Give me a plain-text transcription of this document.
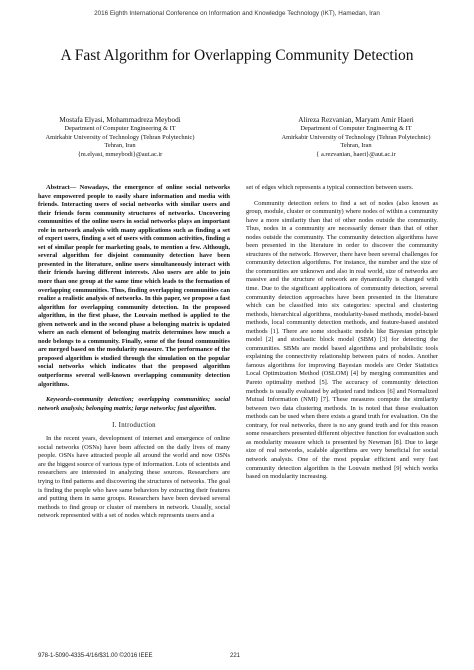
2016 Eighth International Conference on Information and Knowledge Technology (IKT), Hamedan, Iran
A Fast Algorithm for Overlapping Community Detection
Mostafa Elyasi, Mohammadreza Meybodi
Department of Computer Engineering & IT
Amirkabir University of Technology (Tehran Polytechnic)
Tehran, Iran
{m.elyasi, mmeybodi}@aut.ac.ir
Alireza Rezvanian, Maryam Amir Haeri
Department of Computer Engineering & IT
Amirkabir University of Technology (Tehran Polytechnic)
Tehran, Iran
{ a.rezvanian, haeri}@aut.ac.ir

Abstract— Nowadays, the emergence of online social networks have empowered people to easily share information and media with friends. Interacting users of social networks with similar users and their friends form community structures of networks. Uncovering communities of the online users in social networks plays an important role in network analysis with many applications such as finding a set of expert users, finding a set of users with common activities, finding a set of similar people for marketing goals, to mention a few. Although, several algorithm for disjoint community detection have been presented in the literature, online users simultaneously interact with their friends having different interests. Also users are able to join more than one group at the same time which leads to the formation of overlapping communities. Thus, finding overlapping communities can realize a realistic analysis of networks. In this paper, we propose a fast algorithm for overlapping community detection. In the proposed algorithm, in the first phase, the Louvain method is applied to the given network and in the second phase a belonging matrix is updated where an each element of belonging matrix determines how much a node belongs to a community. Finally, some of the found communities are merged based on the modularity measure. The performance of the proposed algorithm is studied through the simulation on the popular social networks which indicates that the proposed algorithm outperforms several well-known overlapping community detection algorithms.

Keywords-community detection; overlapping communities; social network analysis; belonging matrix; large networks; fast algorithm.

I. Introduction

In the recent years, development of internet and emergence of online social networks (OSNs) have been affected on the daily lives of many people. OSNs have attracted people all around the world and now OSNs are the biggest source of various type of information. Lots of scientists and researchers are interested in analyzing these sources. Researchers are trying to find patterns and discovering the structures of networks. The goal is finding the people who have same behaviors by extracting their features and putting them in same groups. Researchers have been devised several methods to find group or cluster of members in network. Usually, social network represented with a set of nodes which represents users and a

set of edges which represents a typical connection between users.

Community detection refers to find a set of nodes (also known as group, module, cluster or community) where nodes of within a community have a more similarity than that of other nodes outside the community. Thus, nodes in a community are necessarily denser than that of other nodes outside the community. The community detection algorithms have been presented in the literature in order to discover the community structures of the network. However, there have been several challenges for community detection algorithms. For instance, the number and the size of the communities are unknown and also in real world, size of networks are massive and the structure of network are dynamically is changed with time. Due to the significant applications of community detection, several community detection approaches have been presented in the literature which can be classified into six categories: spectral and clustering methods, hierarchical algorithms, modularity-based methods, model-based methods, local community detection methods, and feature-based assisted methods [1]. There are some stochastic models like Bayesian principle model [2] and stochastic block model (SBM) [3] for detecting the communities. SBMs are model based algorithms and probabilistic tools explaining the connectivity relationship between pairs of nodes. Another famous algorithms for improving Bayesian models are Order Statistics Local Optimization Method (OSLOM) [4] by merging communities and Pareto optimality method [5]. The accuracy of community detection methods is usually evaluated by adjusted rand indices [6] and Normalized Mutual Information (NMI) [7]. These measures compute the similarity between two data clustering methods. In is noted that these evaluation methods can be used when there exists a grand truth for evaluation. On the contrary, for real networks, there is no any grand truth and for this reason some researchers presented different objective function for evaluation such as modularity measure which is presented by Newman [8]. Due to large size of real networks, scalable algorithms are very beneficial for social network analysis. One of the most popular efficient and very fast community detection algorithm is the Louvain method [9] which works based on modularity increasing.

978-1-5090-4335-4/16/$31.00 ©2016 IEEE	221
